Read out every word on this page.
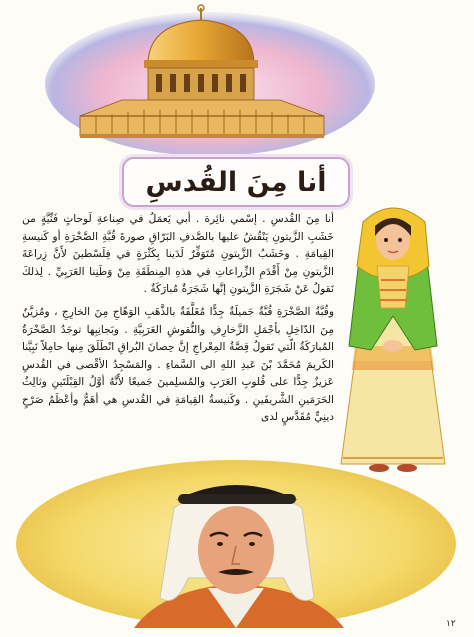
أنا مِنَ القُدسِ
أنا مِنَ القُدسِ . إسْمي نائِرة . أبي يَعمَلُ في صِناعةِ لَوحاتٍ فَنِّيَّةٍ من خَشَبِ الزَّيتونِ يَنْقُشُ عليها بالصَّدفِ البَرّاقِ صورةَ قُبَّةِ الصَّخْرَةِ أو كَنيسةِ القِيامَةِ . وخَشَبُ الزَّيتونِ مُتَوَفِّرٌ لَدَينا بِكَثْرَةٍ في فِلَسْطينَ لأَنَّ زِراعَةَ الزَّيتونِ مِنْ أَقْدَمِ الزِّراعاتِ في هذهِ المِنطَقَةِ مِنْ وَطَنِنا العَرَبِيِّ . لِذلكَ نَقولُ عَنْ شَجَرَةِ الزَّيتونِ إنَّها شَجَرَةٌ مُبارَكَةٌ .
وقُبَّةُ الصَّخْرَةِ قُبَّةٌ جَميلَةٌ جِدًّا مُغَلَّفَةٌ بالذَّهَبِ الوَهّاجِ مِنَ الخارِجِ ، ومُزيَّنٌ مِنَ الدّاخِلِ بأجْمَلِ الزَّخارِفِ والنُّقوشِ العَرَبِيَّةِ . وبَجانِبِها توجَدُ الصَّخْرَةُ المُبارَكَةُ الّتي تَقولُ قِصَّةُ المِعْراجِ إنَّ حِصانَ البُراقِ انْطَلَقَ مِنها حامِلاً نَبِيَّنا الكَريمَ مُحَمَّدَ بْنَ عَبدِ اللهِ الى السَّماءِ . والمَسْجِدُ الأقْصى في القُدسِ عَزيزٌ جِدًّا على قُلوبِ العَرَبِ والمُسلِمينَ جَميعًا لأَنَّهُ أوَّلُ القِبْلَتَينِ وثالِثُ الحَرَمَينِ الشَّريفَينِ . وكَنيسةُ القِيامَةِ في القُدسِ هي أهَمُّ وأعْظَمُ صَرْحٍ دينِيٍّ مُقَدَّسٍ لدى
١٢
